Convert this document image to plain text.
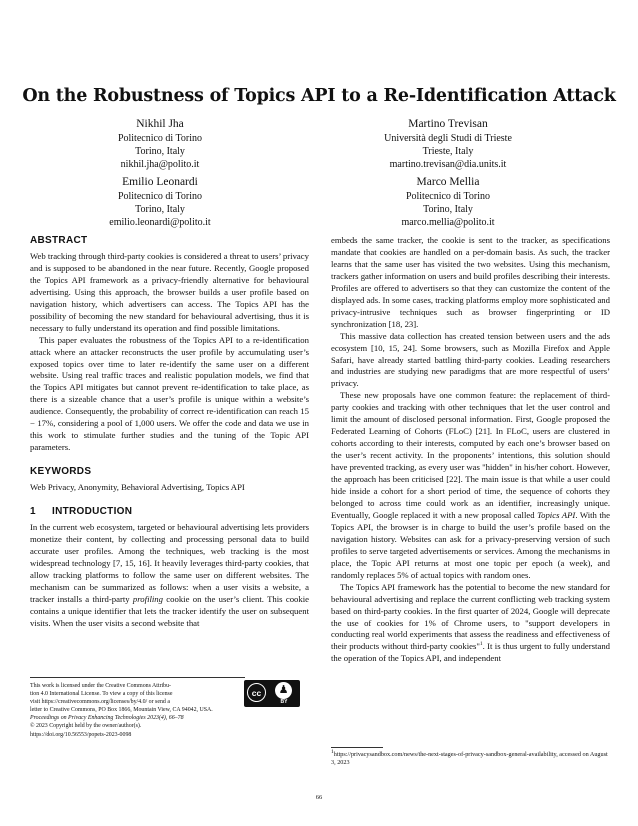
On the Robustness of Topics API to a Re-Identification Attack
Nikhil Jha
Politecnico di Torino
Torino, Italy
nikhil.jha@polito.it
Martino Trevisan
Università degli Studi di Trieste
Trieste, Italy
martino.trevisan@dia.units.it
Emilio Leonardi
Politecnico di Torino
Torino, Italy
emilio.leonardi@polito.it
Marco Mellia
Politecnico di Torino
Torino, Italy
marco.mellia@polito.it
ABSTRACT

Web tracking through third-party cookies is considered a threat to users’ privacy and is supposed to be abandoned in the near future. Recently, Google proposed the Topics API framework as a privacy-friendly alternative for behavioural advertising. Using this approach, the browser builds a user profile based on navigation history, which advertisers can access. The Topics API has the possibility of becoming the new standard for behavioural advertising, thus it is necessary to fully understand its operation and find possible limitations.

This paper evaluates the robustness of the Topics API to a re-identification attack where an attacker reconstructs the user profile by accumulating user’s exposed topics over time to later re-identify the same user on a different website. Using real traffic traces and realistic population models, we find that the Topics API mitigates but cannot prevent re-identification to take place, as there is a sizeable chance that a user’s profile is unique within a website’s audience. Consequently, the probability of correct re-identification can reach 15 − 17%, considering a pool of 1,000 users. We offer the code and data we use in this work to stimulate further studies and the tuning of the Topic API parameters.

KEYWORDS

Web Privacy, Anonymity, Behavioral Advertising, Topics API

1 INTRODUCTION

In the current web ecosystem, targeted or behavioural advertising lets providers monetize their content, by collecting and processing personal data to build accurate user profiles. Among the techniques, web tracking is the most widespread technology [7, 15, 16]. It heavily leverages third-party cookies, that allow tracking platforms to follow the same user on different websites. The mechanism can be summarized as follows: when a user visits a website, a tracker installs a third-party profiling cookie on the user’s client. This cookie contains a unique identifier that lets the tracker identify the user on subsequent visits. When the user visits a second website that

embeds the same tracker, the cookie is sent to the tracker, as specifications mandate that cookies are handled on a per-domain basis. As such, the tracker learns that the same user has visited the two websites. Using this mechanism, trackers gather information on users and build profiles describing their interests. Profiles are offered to advertisers so that they can customize the content of the displayed ads. In some cases, tracking platforms employ more sophisticated and privacy-intrusive techniques such as browser fingerprinting or ID synchronization [18, 23].

This massive data collection has created tension between users and the ads ecosystem [10, 15, 24]. Some browsers, such as Mozilla Firefox and Apple Safari, have already started battling third-party cookies. Leading researchers and industries are studying new paradigms that are more respectful of users’ privacy.

These new proposals have one common feature: the replacement of third-party cookies and tracking with other techniques that let the user control and limit the amount of disclosed personal information. First, Google proposed the Federated Learning of Cohorts (FLoC) [21]. In FLoC, users are clustered in cohorts according to their interests, computed by each one’s browser based on the user’s recent activity. In the proponents’ intentions, this solution should have prevented tracking, as every user was "hidden" in his/her cohort. However, the approach has been criticised [22]. The main issue is that while a user could hide inside a cohort for a short period of time, the sequence of cohorts they belonged to across time could work as an identifier, increasingly unique. Eventually, Google replaced it with a new proposal called Topics API. With the Topics API, the browser is in charge to build the user’s profile based on the navigation history. Websites can ask for a privacy-preserving version of such profiles to serve targeted advertisements or services. Among the mechanisms in place, the Topic API returns at most one topic per epoch (a week), and randomly replaces 5% of actual topics with random ones.

The Topics API framework has the potential to become the new standard for behavioural advertising and replace the current conflicting web tracking system based on third-party cookies. In the first quarter of 2024, Google will deprecate the use of cookies for 1% of Chrome users, to "support developers in conducting real world experiments that assess the readiness and effectiveness of their products without third-party cookies"$^1$. It is thus urgent to fully understand the operation of the Topics API, and independent

This work is licensed under the Creative Commons Attribu-
tion 4.0 International License. To view a copy of this license
visit https://creativecommons.org/licenses/by/4.0/ or send a
letter to Creative Commons, PO Box 1866, Mountain View, CA 94042, USA.
Proceedings on Privacy Enhancing Technologies 2023(4), 66–78
© 2023 Copyright held by the owner/author(s).
https://doi.org/10.56553/popets-2023-0098
cc	♟
BY
$^1$https://privacysandbox.com/news/the-next-stages-of-privacy-sandbox-general-availability, accessed on August 3, 2023
66
